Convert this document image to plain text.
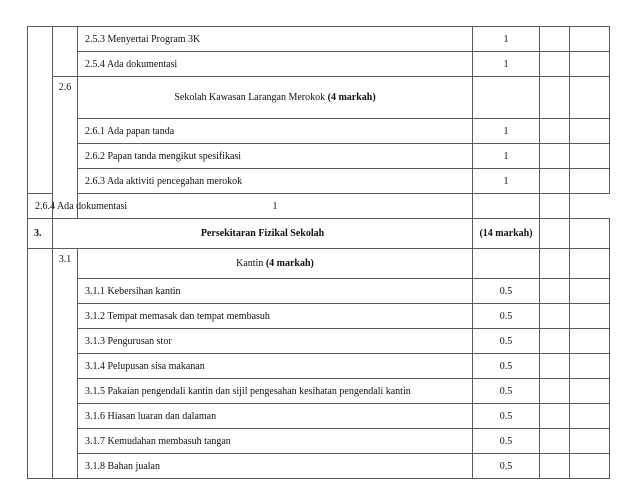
		2.5.3 Menyertai Program 3K	1		
		2.5.4 Ada dokumentasi	1		
	2.6	Sekolah Kawasan Larangan Merokok (4 markah)			
		2.6.1 Ada papan tanda	1		
		2.6.2 Papan tanda mengikut spesifikasi	1		
		2.6.3 Ada aktiviti pencegahan merokok	1		
2.6.4 Ada dokumentasi		1			
3.	Persekitaran Fizikal Sekolah		(14 markah)		
	3.1	Kantin (4 markah)			
		3.1.1 Kebersihan kantin	0.5		
		3.1.2 Tempat memasak dan tempat membasuh	0.5		
		3.1.3 Pengurusan stor	0.5		
		3.1.4 Pelupusan sisa makanan	0.5		
		3.1.5 Pakaian pengendali kantin dan sijil pengesahan kesihatan pengendali kantin	0.5		
		3.1.6 Hiasan luaran dan dalaman	0.5		
		3.1.7 Kemudahan membasuh tangan	0.5		
		3.1.8 Bahan jualan	0.5		
